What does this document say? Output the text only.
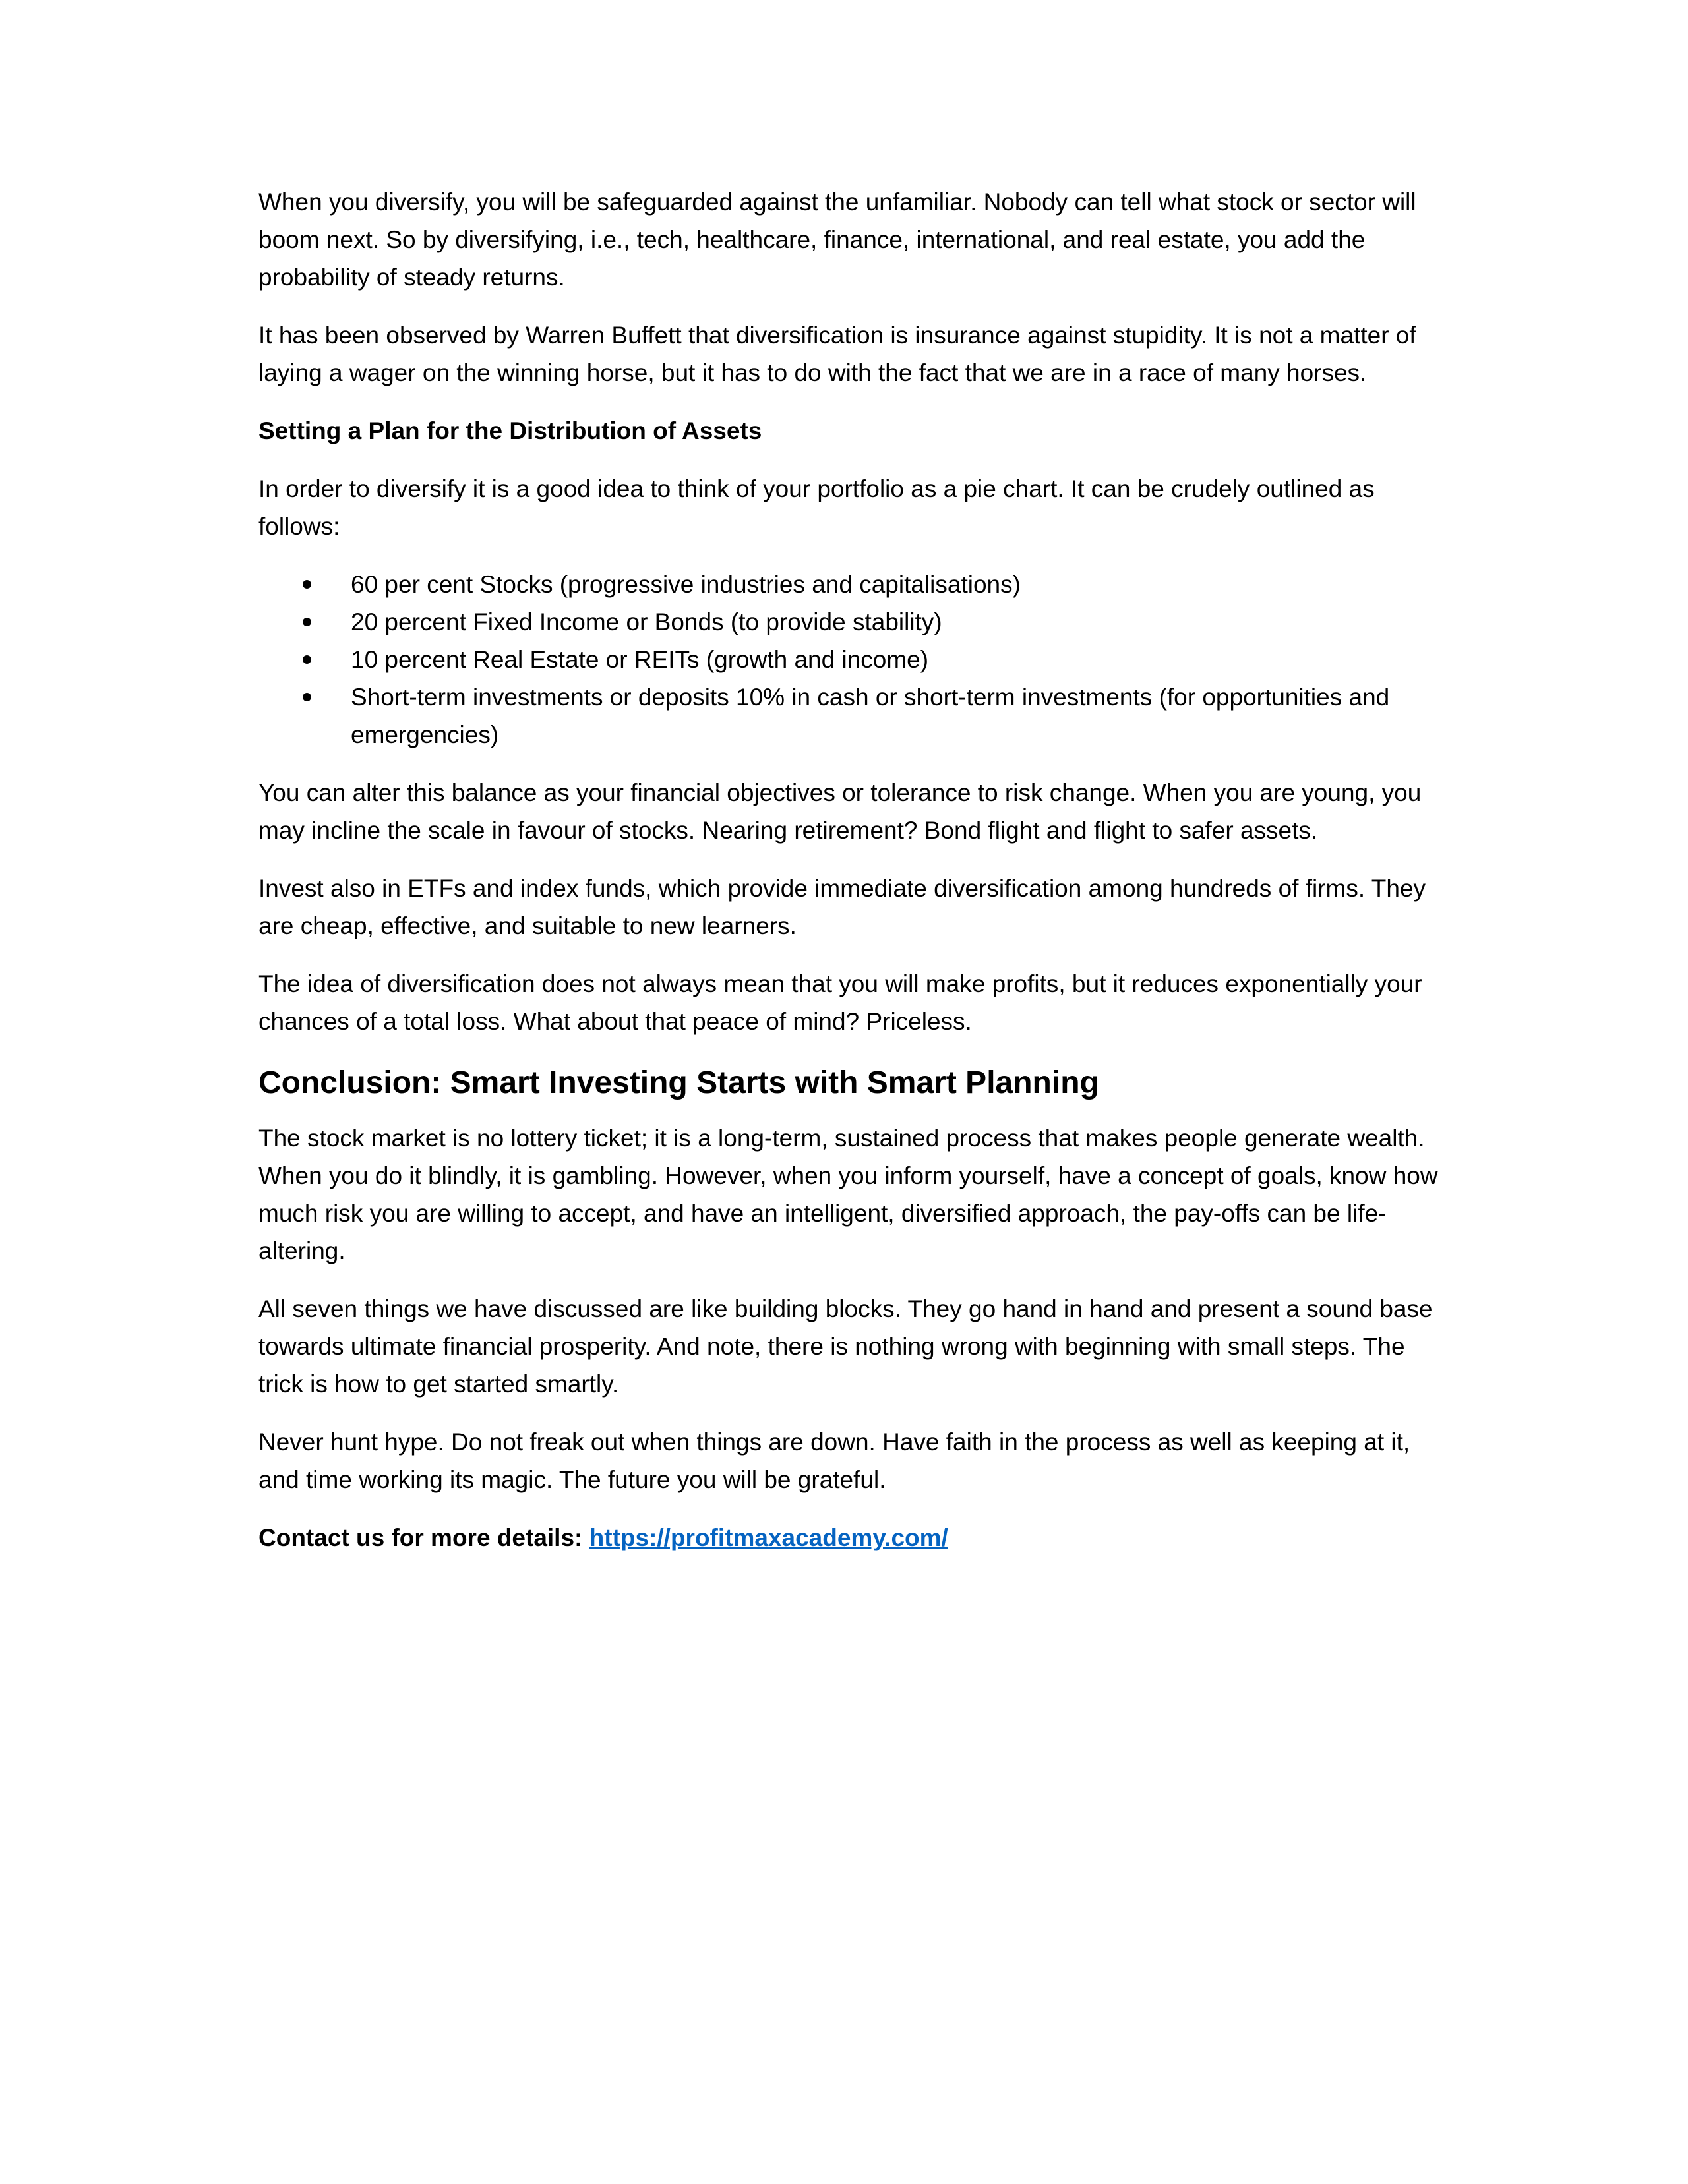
When you diversify, you will be safeguarded against the unfamiliar. Nobody can tell what stock or sector will boom next. So by diversifying, i.e., tech, healthcare, finance, international, and real estate, you add the probability of steady returns.

It has been observed by Warren Buffett that diversification is insurance against stupidity. It is not a matter of laying a wager on the winning horse, but it has to do with the fact that we are in a race of many horses.

Setting a Plan for the Distribution of Assets

In order to diversify it is a good idea to think of your portfolio as a pie chart. It can be crudely outlined as follows:

60 per cent Stocks (progressive industries and capitalisations)
20 percent Fixed Income or Bonds (to provide stability)
10 percent Real Estate or REITs (growth and income)
Short-term investments or deposits 10% in cash or short-term investments (for opportunities and emergencies)

You can alter this balance as your financial objectives or tolerance to risk change. When you are young, you may incline the scale in favour of stocks. Nearing retirement? Bond flight and flight to safer assets.

Invest also in ETFs and index funds, which provide immediate diversification among hundreds of firms. They are cheap, effective, and suitable to new learners.

The idea of diversification does not always mean that you will make profits, but it reduces exponentially your chances of a total loss. What about that peace of mind? Priceless.

Conclusion: Smart Investing Starts with Smart Planning

The stock market is no lottery ticket; it is a long-term, sustained process that makes people generate wealth. When you do it blindly, it is gambling. However, when you inform yourself, have a concept of goals, know how much risk you are willing to accept, and have an intelligent, diversified approach, the pay-offs can be life-altering.

All seven things we have discussed are like building blocks. They go hand in hand and present a sound base towards ultimate financial prosperity. And note, there is nothing wrong with beginning with small steps. The trick is how to get started smartly.

Never hunt hype. Do not freak out when things are down. Have faith in the process as well as keeping at it, and time working its magic. The future you will be grateful.

Contact us for more details: https://profitmaxacademy.com/
